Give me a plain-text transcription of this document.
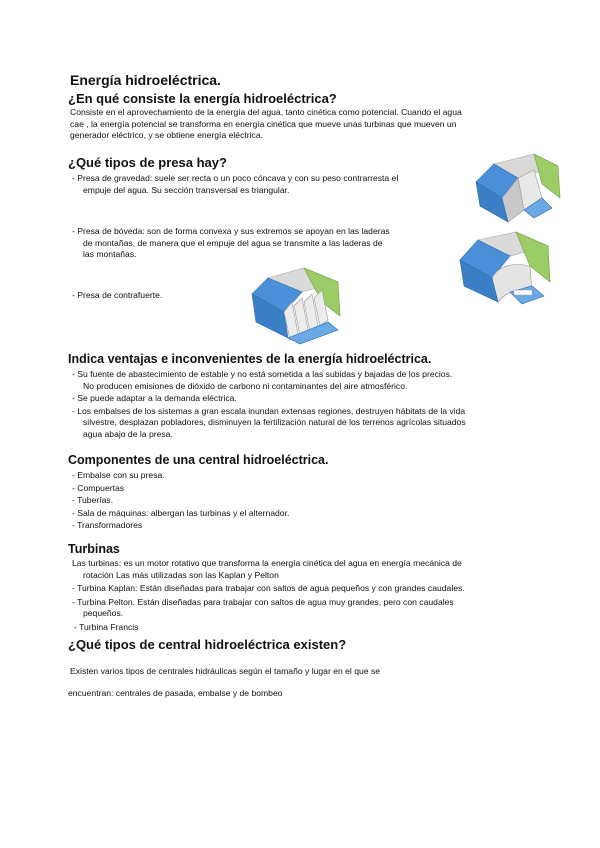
Energía hidroeléctrica.
¿En qué consiste la energía hidroeléctrica?

Consiste en el aprovechamiento de la energía del agua, tanto cinética como potencial. Cuando el agua

cae , la energía potencial se transforma en energía cinética que mueve unas turbinas que mueven un

generador eléctrico, y se obtiene energía eléctrica.

¿Qué tipos de presa hay?

- Presa de gravedad: suele ser recta o un poco cóncava y con su peso contrarresta el

empuje del agua. Su sección transversal es triangular.

- Presa de bóveda: son de forma convexa y sus extremos se apoyan en las laderas

de montañas, de manera que el empuje del agua se transmite a las laderas de

las montañas.

- Presa de contrafuerte.

Indica ventajas e inconvenientes de la energía hidroeléctrica.

- Su fuente de abastecimiento de estable y no está sometida a las subidas y bajadas de los precios.

No producen emisiones de dióxido de carbono ni contaminantes del aire atmosférico.

- Se puede adaptar a la demanda eléctrica.

- Los embalses de los sistemas a gran escala inundan extensas regiones, destruyen hábitats de la vida

silvestre, desplazan pobladores, disminuyen la fertilización natural de los terrenos agrícolas situados

agua abajo de la presa.

Componentes de una central hidroeléctrica.

- Embalse con su presa.

- Compuertas

- Tuberías.

- Sala de máquinas: albergan las turbinas y el alternador.

- Transformadores

Turbinas

Las turbinas: es un motor rotativo que transforma la energía cinética del agua en energía mecánica de

rotación Las más utilizadas son las Kaplan y Pelton

- Turbina Kaplan: Están diseñadas para trabajar con saltos de agua pequeños y con grandes caudales.

- Turbina Pelton. Están diseñadas para trabajar con saltos de agua muy grandes, pero con caudales

pequeños.

- Turbina Francis

¿Qué tipos de central hidroeléctrica existen?

Existen varios tipos de centrales hidráulicas según el tamaño y lugar en el que se

encuentran: centrales de pasada, embalse y de bombeo
